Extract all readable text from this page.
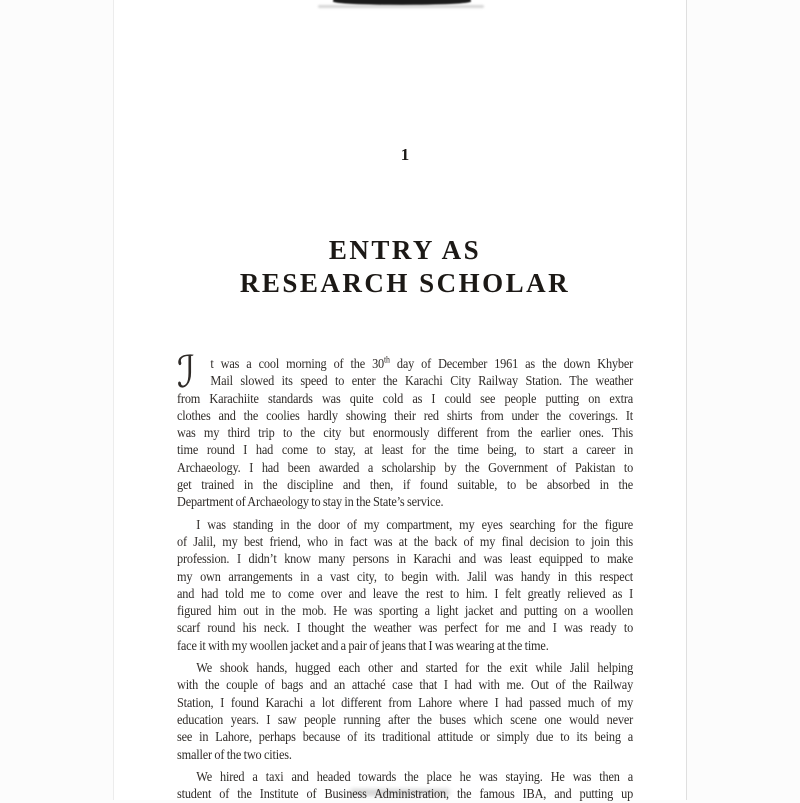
1
ENTRY AS
RESEARCH SCHOLAR
ℐ	t was a cool morning of the 30th day of December 1961 as the down Khyber
Mail slowed its speed to enter the Karachi City Railway Station. The weather
from Karachiite standards was quite cold as I could see people putting on extra
clothes and the coolies hardly showing their red shirts from under the coverings. It
was my third trip to the city but enormously different from the earlier ones. This
time round I had come to stay, at least for the time being, to start a career in
Archaeology. I had been awarded a scholarship by the Government of Pakistan to
get trained in the discipline and then, if found suitable, to be absorbed in the
Department of Archaeology to stay in the State’s service.
I was standing in the door of my compartment, my eyes searching for the figure
of Jalil, my best friend, who in fact was at the back of my final decision to join this
profession. I didn’t know many persons in Karachi and was least equipped to make
my own arrangements in a vast city, to begin with. Jalil was handy in this respect
and had told me to come over and leave the rest to him. I felt greatly relieved as I
figured him out in the mob. He was sporting a light jacket and putting on a woollen
scarf round his neck. I thought the weather was perfect for me and I was ready to
face it with my woollen jacket and a pair of jeans that I was wearing at the time.
We shook hands, hugged each other and started for the exit while Jalil helping
with the couple of bags and an attaché case that I had with me. Out of the Railway
Station, I found Karachi a lot different from Lahore where I had passed much of my
education years. I saw people running after the buses which scene one would never
see in Lahore, perhaps because of its traditional attitude or simply due to its being a
smaller of the two cities.
We hired a taxi and headed towards the place he was staying. He was then a
student of the Institute of Business Administration, the famous IBA, and putting up
